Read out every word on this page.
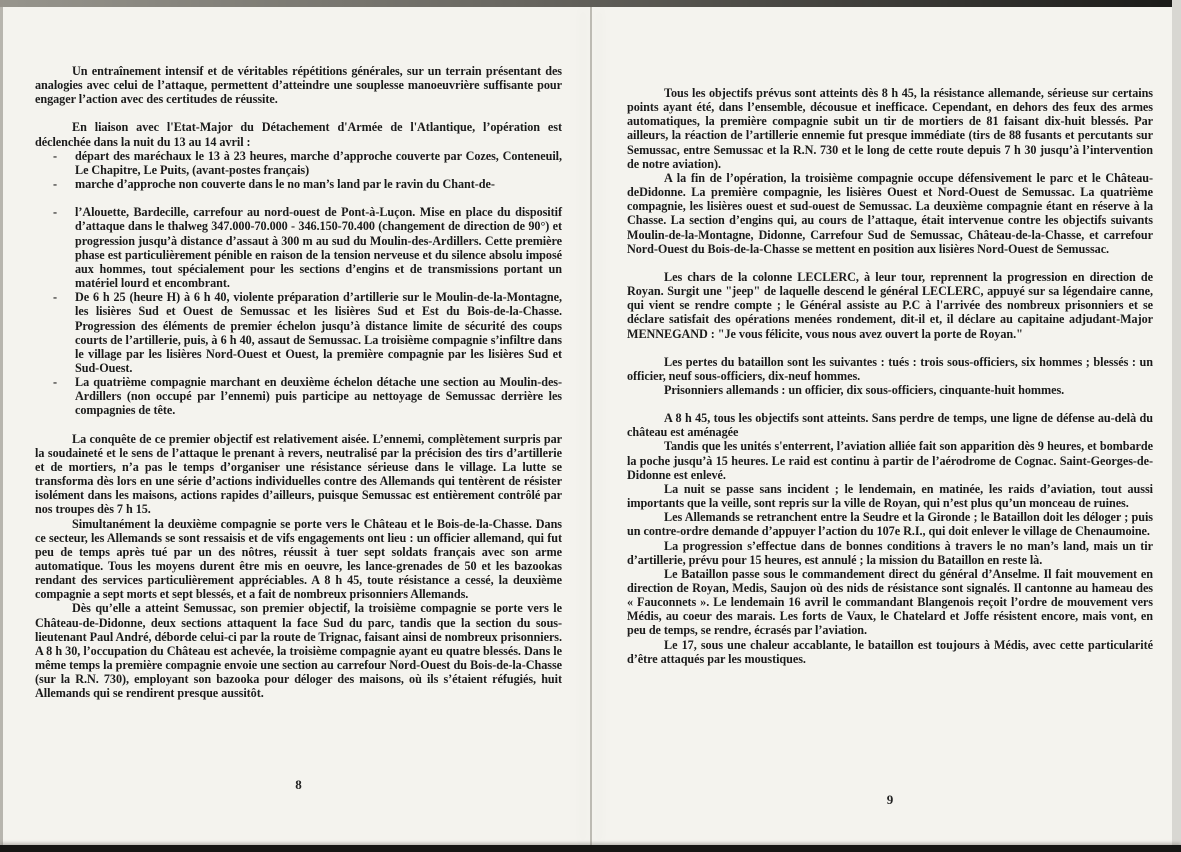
Un entraînement intensif et de véritables répétitions générales, sur un terrain présentant des analogies avec celui de l’attaque, permettent d’atteindre une souplesse manoeuvrière suffisante pour engager l’action avec des certitudes de réussite.

En liaison avec l'Etat-Major du Détachement d'Armée de l'Atlantique, l’opération est déclenchée dans la nuit du 13 au 14 avril :

- départ des maréchaux le 13 à 23 heures, marche d’approche couverte par Cozes, Conteneuil, Le Chapitre, Le Puits, (avant-postes français)
- marche d’approche non couverte dans le no man’s land par le ravin du Chant-de-
- l’Alouette, Bardecille, carrefour au nord-ouest de Pont-à-Luçon. Mise en place du dispositif d’attaque dans le thalweg 347.000-70.000 - 346.150-70.400 (changement de direction de 90°) et progression jusqu’à distance d’assaut à 300 m au sud du Moulin-des-Ardillers. Cette première phase est particulièrement pénible en raison de la tension nerveuse et du silence absolu imposé aux hommes, tout spécialement pour les sections d’engins et de transmissions portant un matériel lourd et encombrant.
- De 6 h 25 (heure H) à 6 h 40, violente préparation d’artillerie sur le Moulin-de-la-Montagne, les lisières Sud et Ouest de Semussac et les lisières Sud et Est du Bois-de-la-Chasse. Progression des éléments de premier échelon jusqu’à distance limite de sécurité des coups courts de l’artillerie, puis, à 6 h 40, assaut de Semussac. La troisième compagnie s’infiltre dans le village par les lisières Nord-Ouest et Ouest, la première compagnie par les lisières Sud et Sud-Ouest.
- La quatrième compagnie marchant en deuxième échelon détache une section au Moulin-des-Ardillers (non occupé par l’ennemi) puis participe au nettoyage de Semussac derrière les compagnies de tête.

La conquête de ce premier objectif est relativement aisée. L’ennemi, complètement surpris par la soudaineté et le sens de l’attaque le prenant à revers, neutralisé par la précision des tirs d’artillerie et de mortiers, n’a pas le temps d’organiser une résistance sérieuse dans le village. La lutte se transforma dès lors en une série d’actions individuelles contre des Allemands qui tentèrent de résister isolément dans les maisons, actions rapides d’ailleurs, puisque Semussac est entièrement contrôlé par nos troupes dès 7 h 15.

Simultanément la deuxième compagnie se porte vers le Château et le Bois-de-la-Chasse. Dans ce secteur, les Allemands se sont ressaisis et de vifs engagements ont lieu : un officier allemand, qui fut peu de temps après tué par un des nôtres, réussit à tuer sept soldats français avec son arme automatique. Tous les moyens durent être mis en oeuvre, les lance-grenades de 50 et les bazookas rendant des services particulièrement appréciables. A 8 h 45, toute résistance a cessé, la deuxième compagnie a sept morts et sept blessés, et a fait de nombreux prisonniers Allemands.

Dès qu’elle a atteint Semussac, son premier objectif, la troisième compagnie se porte vers le Château-de-Didonne, deux sections attaquent la face Sud du parc, tandis que la section du sous-lieutenant Paul André, déborde celui-ci par la route de Trignac, faisant ainsi de nombreux prisonniers. A 8 h 30, l’occupation du Château est achevée, la troisième compagnie ayant eu quatre blessés. Dans le même temps la première compagnie envoie une section au carrefour Nord-Ouest du Bois-de-la-Chasse (sur la R.N. 730), employant son bazooka pour déloger des maisons, où ils s’étaient réfugiés, huit Allemands qui se rendirent presque aussitôt.

8

Tous les objectifs prévus sont atteints dès 8 h 45, la résistance allemande, sérieuse sur certains points ayant été, dans l’ensemble, décousue et inefficace. Cependant, en dehors des feux des armes automatiques, la première compagnie subit un tir de mortiers de 81 faisant dix-huit blessés. Par ailleurs, la réaction de l’artillerie ennemie fut presque immédiate (tirs de 88 fusants et percutants sur Semussac, entre Semussac et la R.N. 730 et le long de cette route depuis 7 h 30 jusqu’à l’intervention de notre aviation).

A la fin de l’opération, la troisième compagnie occupe défensivement le parc et le Château-deDidonne. La première compagnie, les lisières Ouest et Nord-Ouest de Semussac. La quatrième compagnie, les lisières ouest et sud-ouest de Semussac. La deuxième compagnie étant en réserve à la Chasse. La section d’engins qui, au cours de l’attaque, était intervenue contre les objectifs suivants Moulin-de-la-Montagne, Didonne, Carrefour Sud de Semussac, Château-de-la-Chasse, et carrefour Nord-Ouest du Bois-de-la-Chasse se mettent en position aux lisières Nord-Ouest de Semussac.

Les chars de la colonne LECLERC, à leur tour, reprennent la progression en direction de Royan. Surgit une "jeep" de laquelle descend le général LECLERC, appuyé sur sa légendaire canne, qui vient se rendre compte ; le Général assiste au P.C à l'arrivée des nombreux prisonniers et se déclare satisfait des opérations menées rondement, dit-il et, il déclare au capitaine adjudant-Major MENNEGAND : "Je vous félicite, vous nous avez ouvert la porte de Royan."

Les pertes du bataillon sont les suivantes : tués : trois sous-officiers, six hommes ; blessés : un officier, neuf sous-officiers, dix-neuf hommes.

Prisonniers allemands : un officier, dix sous-officiers, cinquante-huit hommes.

A 8 h 45, tous les objectifs sont atteints. Sans perdre de temps, une ligne de défense au-delà du château est aménagée

Tandis que les unités s'enterrent, l’aviation alliée fait son apparition dès 9 heures, et bombarde la poche jusqu’à 15 heures. Le raid est continu à partir de l’aérodrome de Cognac. Saint-Georges-de-Didonne est enlevé.

La nuit se passe sans incident ; le lendemain, en matinée, les raids d’aviation, tout aussi importants que la veille, sont repris sur la ville de Royan, qui n’est plus qu’un monceau de ruines.

Les Allemands se retranchent entre la Seudre et la Gironde ; le Bataillon doit les déloger ; puis un contre-ordre demande d’appuyer l’action du 107e R.I., qui doit enlever le village de Chenaumoine.

La progression s’effectue dans de bonnes conditions à travers le no man’s land, mais un tir d’artillerie, prévu pour 15 heures, est annulé ; la mission du Bataillon en reste là.

Le Bataillon passe sous le commandement direct du général d’Anselme. Il fait mouvement en direction de Royan, Medis, Saujon où des nids de résistance sont signalés. Il cantonne au hameau des « Fauconnets ». Le lendemain 16 avril le commandant Blangenois reçoit l’ordre de mouvement vers Médis, au coeur des marais. Les forts de Vaux, le Chatelard et Joffe résistent encore, mais vont, en peu de temps, se rendre, écrasés par l’aviation.

Le 17, sous une chaleur accablante, le bataillon est toujours à Médis, avec cette particularité d’être attaqués par les moustiques.

9
